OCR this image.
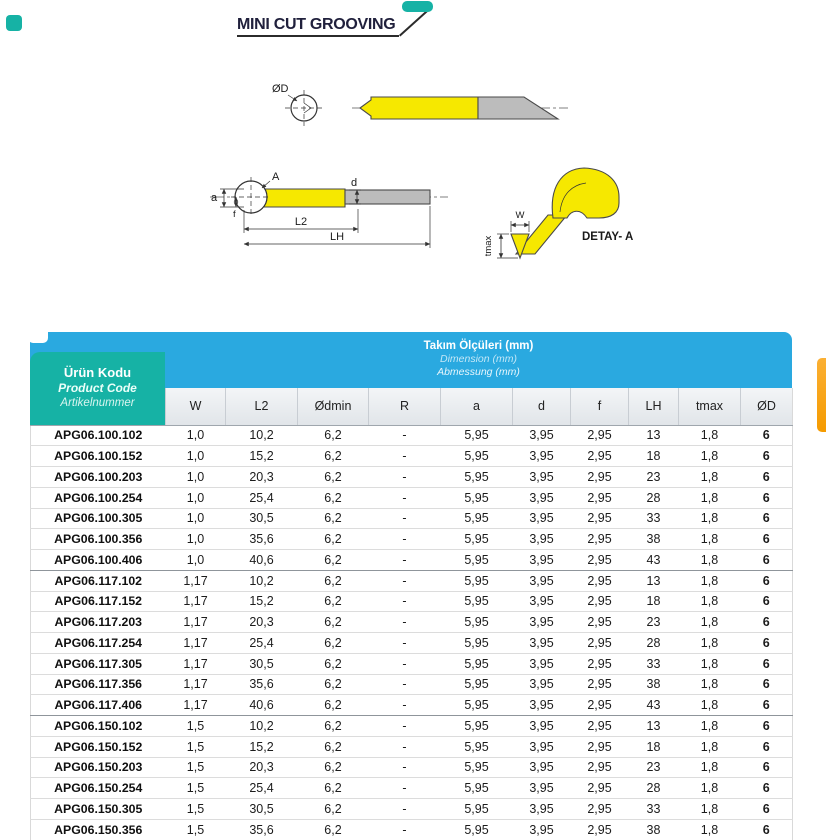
MINI CUT GROOVING
ØD
A
a
f
d
L2
LH
W
tmax	DETAY- A
Takım Ölçüleri (mm)
Dimension (mm)
Abmessung (mm)
Ürün Kodu
Product Code
Artikelnummer
		W	L2	Ødmin	R	a	d	f	LH	tmax	ØD
APG06.100.102	1,0	10,2	6,2	-	5,95	3,95	2,95	13	1,8	6
APG06.100.152	1,0	15,2	6,2	-	5,95	3,95	2,95	18	1,8	6
APG06.100.203	1,0	20,3	6,2	-	5,95	3,95	2,95	23	1,8	6
APG06.100.254	1,0	25,4	6,2	-	5,95	3,95	2,95	28	1,8	6
APG06.100.305	1,0	30,5	6,2	-	5,95	3,95	2,95	33	1,8	6
APG06.100.356	1,0	35,6	6,2	-	5,95	3,95	2,95	38	1,8	6
APG06.100.406	1,0	40,6	6,2	-	5,95	3,95	2,95	43	1,8	6
APG06.117.102	1,17	10,2	6,2	-	5,95	3,95	2,95	13	1,8	6
APG06.117.152	1,17	15,2	6,2	-	5,95	3,95	2,95	18	1,8	6
APG06.117.203	1,17	20,3	6,2	-	5,95	3,95	2,95	23	1,8	6
APG06.117.254	1,17	25,4	6,2	-	5,95	3,95	2,95	28	1,8	6
APG06.117.305	1,17	30,5	6,2	-	5,95	3,95	2,95	33	1,8	6
APG06.117.356	1,17	35,6	6,2	-	5,95	3,95	2,95	38	1,8	6
APG06.117.406	1,17	40,6	6,2	-	5,95	3,95	2,95	43	1,8	6
APG06.150.102	1,5	10,2	6,2	-	5,95	3,95	2,95	13	1,8	6
APG06.150.152	1,5	15,2	6,2	-	5,95	3,95	2,95	18	1,8	6
APG06.150.203	1,5	20,3	6,2	-	5,95	3,95	2,95	23	1,8	6
APG06.150.254	1,5	25,4	6,2	-	5,95	3,95	2,95	28	1,8	6
APG06.150.305	1,5	30,5	6,2	-	5,95	3,95	2,95	33	1,8	6
APG06.150.356	1,5	35,6	6,2	-	5,95	3,95	2,95	38	1,8	6
